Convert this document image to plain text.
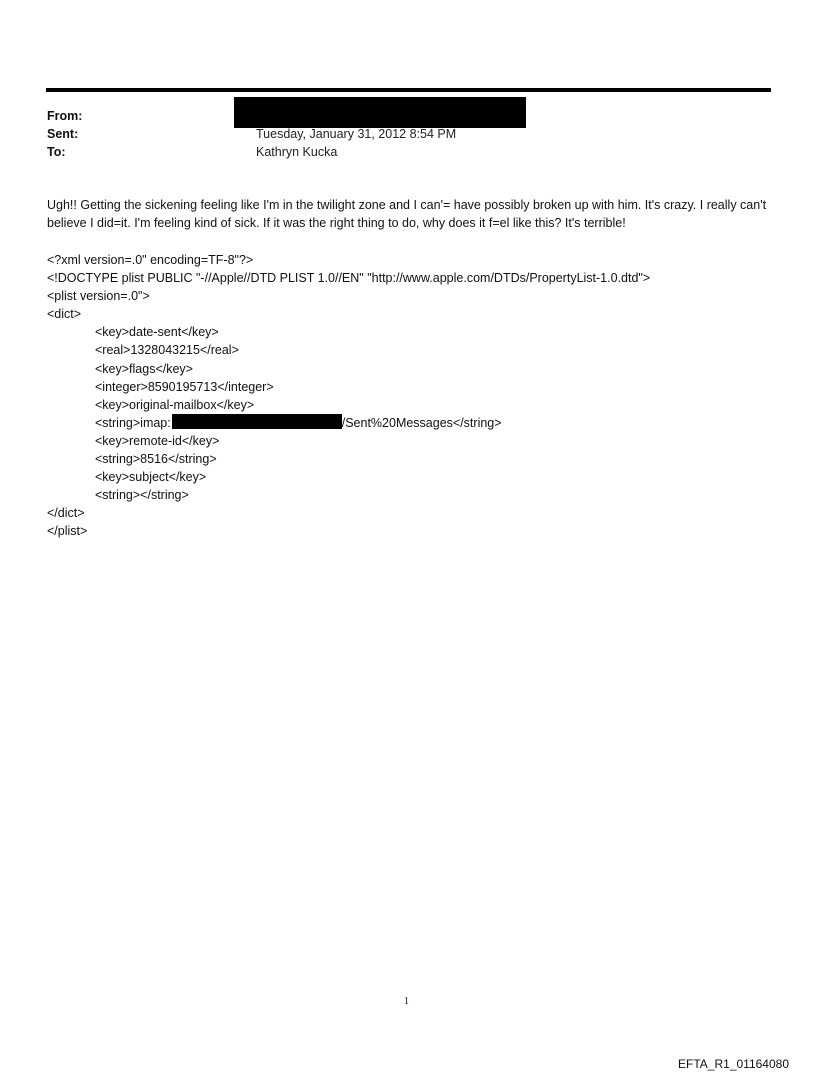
From:
Sent:	Tuesday, January 31, 2012 8:54 PM
To:	Kathryn Kucka

Ugh!! Getting the sickening feeling like I'm in the twilight zone and I can'= have possibly broken up with him. It's crazy. I really can't believe I did=it. I'm feeling kind of sick. If it was the right thing to do, why does it f=el like this? It's terrible!

<?xml version=.0" encoding=TF-8"?>
<!DOCTYPE plist PUBLIC "-//Apple//DTD PLIST 1.0//EN" "http://www.apple.com/DTDs/PropertyList-1.0.dtd">
<plist version=.0">
<dict>
<key>date-sent</key>
<real>1328043215</real>
<key>flags</key>
<integer>8590195713</integer>
<key>original-mailbox</key>
<string>imap:	/Sent%20Messages</string>
<key>remote-id</key>
<string>8516</string>
<key>subject</key>
<string></string>
</dict>
</plist>
1
EFTA_R1_01164080
